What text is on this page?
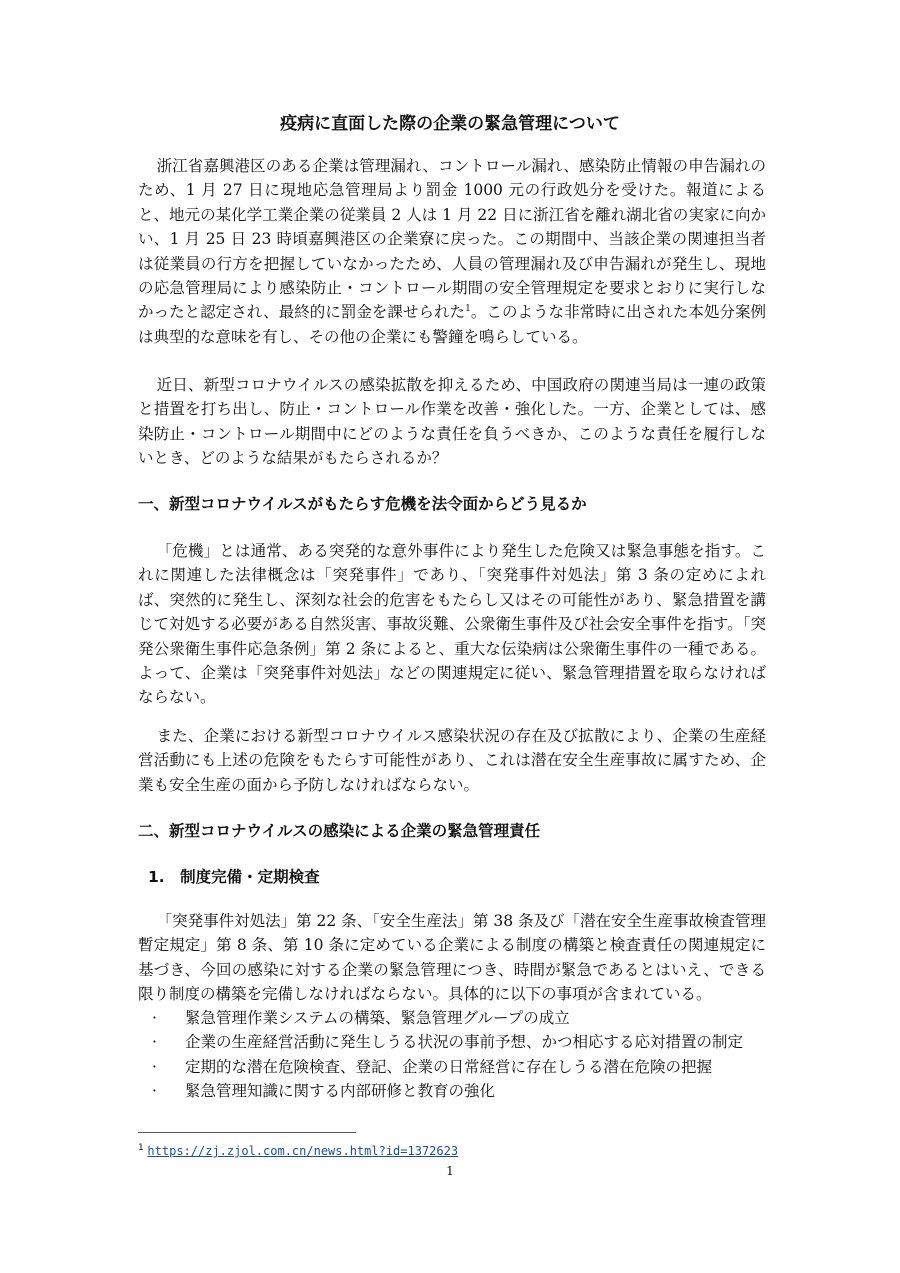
疫病に直面した際の企業の緊急管理について

浙江省嘉興港区のある企業は管理漏れ、コントロール漏れ、感染防止情報の申告漏れのため、1 月 27 日に現地応急管理局より罰金 1000 元の行政処分を受けた。報道によると、地元の某化学工業企業の従業員 2 人は 1 月 22 日に浙江省を離れ湖北省の実家に向かい、1 月 25 日 23 時頃嘉興港区の企業寮に戻った。この期間中、当該企業の関連担当者は従業員の行方を把握していなかったため、人員の管理漏れ及び申告漏れが発生し、現地の応急管理局により感染防止・コントロール期間の安全管理規定を要求とおりに実行しなかったと認定され、最終的に罰金を課せられた$^1$。このような非常時に出された本処分案例は典型的な意味を有し、その他の企業にも警鐘を鳴らしている。

近日、新型コロナウイルスの感染拡散を抑えるため、中国政府の関連当局は一連の政策と措置を打ち出し、防止・コントロール作業を改善・強化した。一方、企業としては、感染防止・コントロール期間中にどのような責任を負うべきか、このような責任を履行しないとき、どのような結果がもたらされるか？

一、新型コロナウイルスがもたらす危機を法令面からどう見るか

「危機」とは通常、ある突発的な意外事件により発生した危険又は緊急事態を指す。これに関連した法律概念は「突発事件」であり、「突発事件対処法」第 3 条の定めによれば、突然的に発生し、深刻な社会的危害をもたらし又はその可能性があり、緊急措置を講じて対処する必要がある自然災害、事故災難、公衆衛生事件及び社会安全事件を指す。「突発公衆衛生事件応急条例」第 2 条によると、重大な伝染病は公衆衛生事件の一種である。よって、企業は「突発事件対処法」などの関連規定に従い、緊急管理措置を取らなければならない。

また、企業における新型コロナウイルス感染状況の存在及び拡散により、企業の生産経営活動にも上述の危険をもたらす可能性があり、これは潜在安全生産事故に属すため、企業も安全生産の面から予防しなければならない。

二、新型コロナウイルスの感染による企業の緊急管理責任
1.　制度完備・定期検査

「突発事件対処法」第 22 条、「安全生産法」第 38 条及び「潜在安全生産事故検査管理暫定規定」第 8 条、第 10 条に定めている企業による制度の構築と検査責任の関連規定に基づき、今回の感染に対する企業の緊急管理につき、時間が緊急であるとはいえ、できる限り制度の構築を完備しなければならない。具体的に以下の事項が含まれている。

· 緊急管理作業システムの構築、緊急管理グループの成立
· 企業の生産経営活動に発生しうる状況の事前予想、かつ相応する応対措置の制定
· 定期的な潜在危険検査、登記、企業の日常経営に存在しうる潜在危険の把握
· 緊急管理知識に関する内部研修と教育の強化
$^1$ https://zj.zjol.com.cn/news.html?id=1372623
1
